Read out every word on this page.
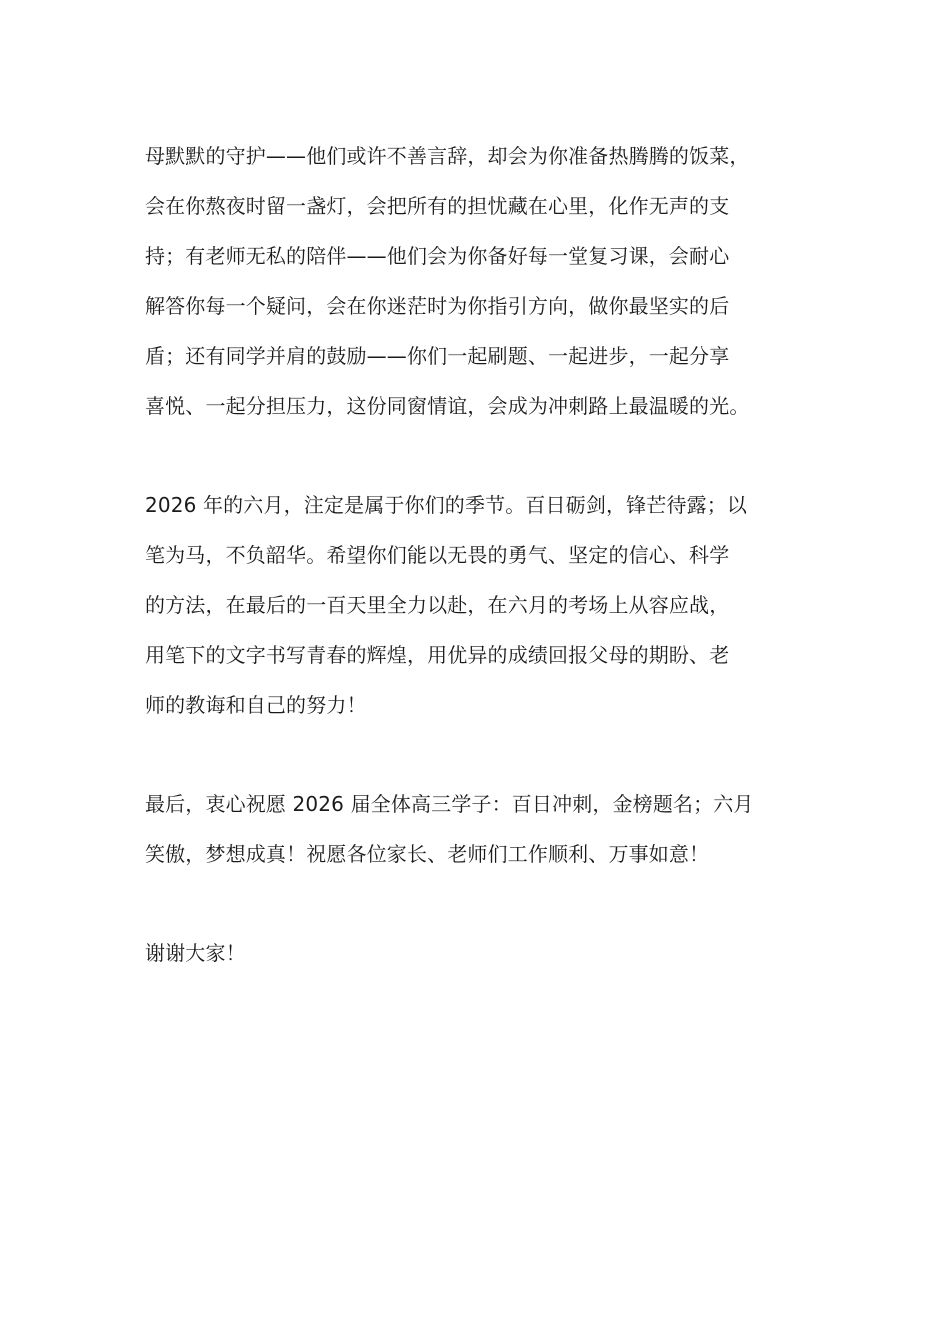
母默默的守护——他们或许不善言辞，却会为你准备热腾腾的饭菜，
会在你熬夜时留一盏灯，会把所有的担忧藏在心里，化作无声的支
持；有老师无私的陪伴——他们会为你备好每一堂复习课，会耐心
解答你每一个疑问，会在你迷茫时为你指引方向，做你最坚实的后
盾；还有同学并肩的鼓励——你们一起刷题、一起进步，一起分享
喜悦、一起分担压力，这份同窗情谊，会成为冲刺路上最温暖的光。

2026 年的六月，注定是属于你们的季节。百日砺剑，锋芒待露；以
笔为马，不负韶华。希望你们能以无畏的勇气、坚定的信心、科学
的方法，在最后的一百天里全力以赴，在六月的考场上从容应战，
用笔下的文字书写青春的辉煌，用优异的成绩回报父母的期盼、老
师的教诲和自己的努力！

最后，衷心祝愿 2026 届全体高三学子：百日冲刺，金榜题名；六月
笑傲，梦想成真！祝愿各位家长、老师们工作顺利、万事如意！

谢谢大家！
